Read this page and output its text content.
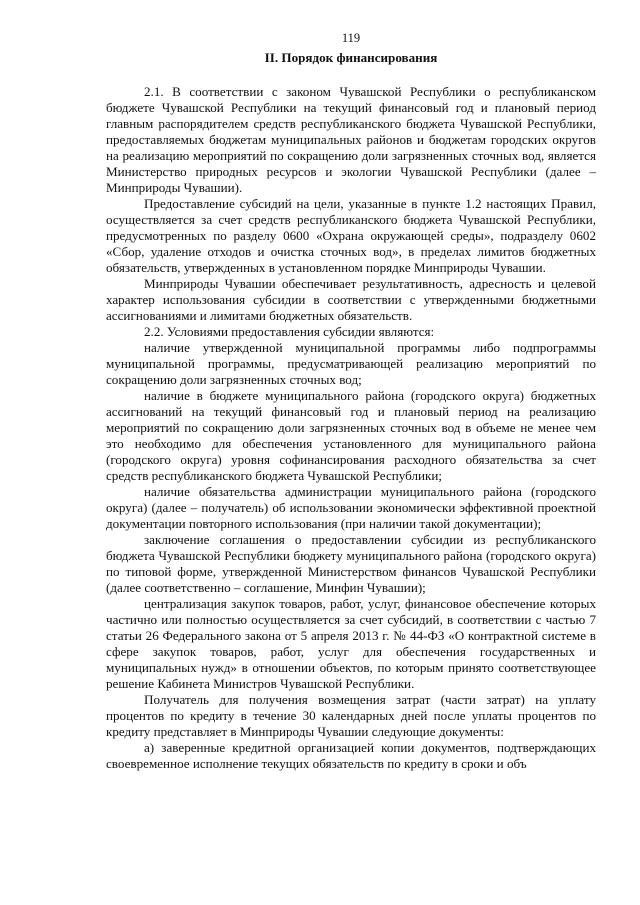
119
II. Порядок финансирования

2.1. В соответствии с законом Чувашской Республики о республиканском бюджете Чувашской Республики на текущий финансовый год и плановый период главным распорядителем средств республиканского бюджета Чувашской Республики, предоставляемых бюджетам муниципальных районов и бюджетам городских округов на реализацию мероприятий по сокращению доли загрязненных сточных вод, является Министерство природных ресурсов и экологии Чувашской Республики (далее – Минприроды Чувашии).

Предоставление субсидий на цели, указанные в пункте 1.2 настоящих Правил, осуществляется за счет средств республиканского бюджета Чувашской Республики, предусмотренных по разделу 0600 «Охрана окружающей среды», подразделу 0602 «Сбор, удаление отходов и очистка сточных вод», в пределах лимитов бюджетных обязательств, утвержденных в установленном порядке Минприроды Чувашии.

Минприроды Чувашии обеспечивает результативность, адресность и целевой характер использования субсидии в соответствии с утвержденными бюджетными ассигнованиями и лимитами бюджетных обязательств.

2.2. Условиями предоставления субсидии являются:

наличие утвержденной муниципальной программы либо подпрограммы муниципальной программы, предусматривающей реализацию мероприятий по сокращению доли загрязненных сточных вод;

наличие в бюджете муниципального района (городского округа) бюджетных ассигнований на текущий финансовый год и плановый период на реализацию мероприятий по сокращению доли загрязненных сточных вод в объеме не менее чем это необходимо для обеспечения установленного для муниципального района (городского округа) уровня софинансирования расходного обязательства за счет средств республиканского бюджета Чувашской Республики;

наличие обязательства администрации муниципального района (городского округа) (далее – получатель) об использовании экономически эффективной проектной документации повторного использования (при наличии такой документации);

заключение соглашения о предоставлении субсидии из республиканского бюджета Чувашской Республики бюджету муниципального района (городского округа) по типовой форме, утвержденной Министерством финансов Чувашской Республики (далее соответственно – соглашение, Минфин Чувашии);

централизация закупок товаров, работ, услуг, финансовое обеспечение которых частично или полностью осуществляется за счет субсидий, в соответствии с частью 7 статьи 26 Федерального закона от 5 апреля 2013 г. № 44-ФЗ «О контрактной системе в сфере закупок товаров, работ, услуг для обеспечения государственных и муниципальных нужд» в отношении объектов, по которым принято соответствующее решение Кабинета Министров Чувашской Республики.

Получатель для получения возмещения затрат (части затрат) на уплату процентов по кредиту в течение 30 календарных дней после уплаты процентов по кредиту представляет в Минприроды Чувашии следующие документы:

а) заверенные кредитной организацией копии документов, подтверждающих своевременное исполнение текущих обязательств по кредиту в сроки и объ
